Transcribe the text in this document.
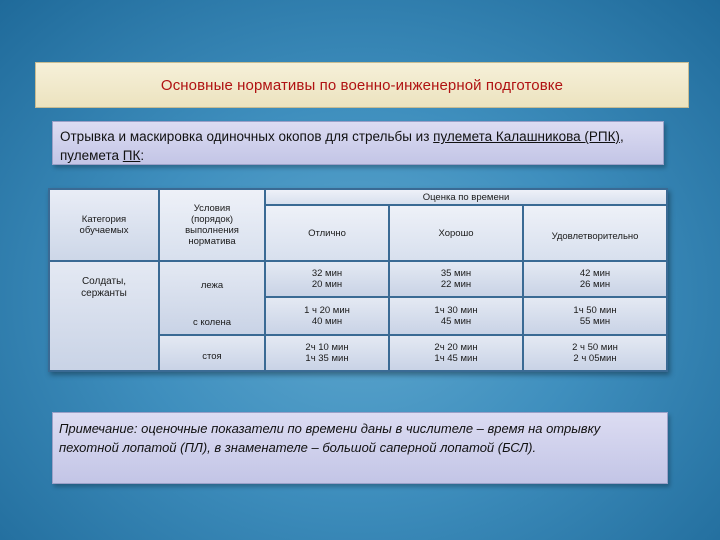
Основные нормативы по военно-инженерной подготовке
Отрывка и маскировка одиночных окопов для стрельбы из пулемета Калашникова (РПК), пулемета ПК:
Категория обучаемых
Условия (порядок) выполнения норматива
Оценка по времени
Отлично	Хорошо	Удовлетворительно
Солдаты, сержанты
лежа
с колена
стоя
32 мин
20 мин
35 мин
22 мин
42 мин
26 мин
1 ч 20 мин
40 мин
1ч 30 мин
45 мин
1ч 50 мин
55 мин
2ч 10 мин
1ч 35 мин
2ч 20 мин
1ч 45 мин
2 ч 50 мин
2 ч 05мин
Примечание: оценочные показатели по времени даны в числителе – время на отрывку пехотной лопатой (ПЛ), в знаменателе – большой саперной лопатой (БСЛ).
